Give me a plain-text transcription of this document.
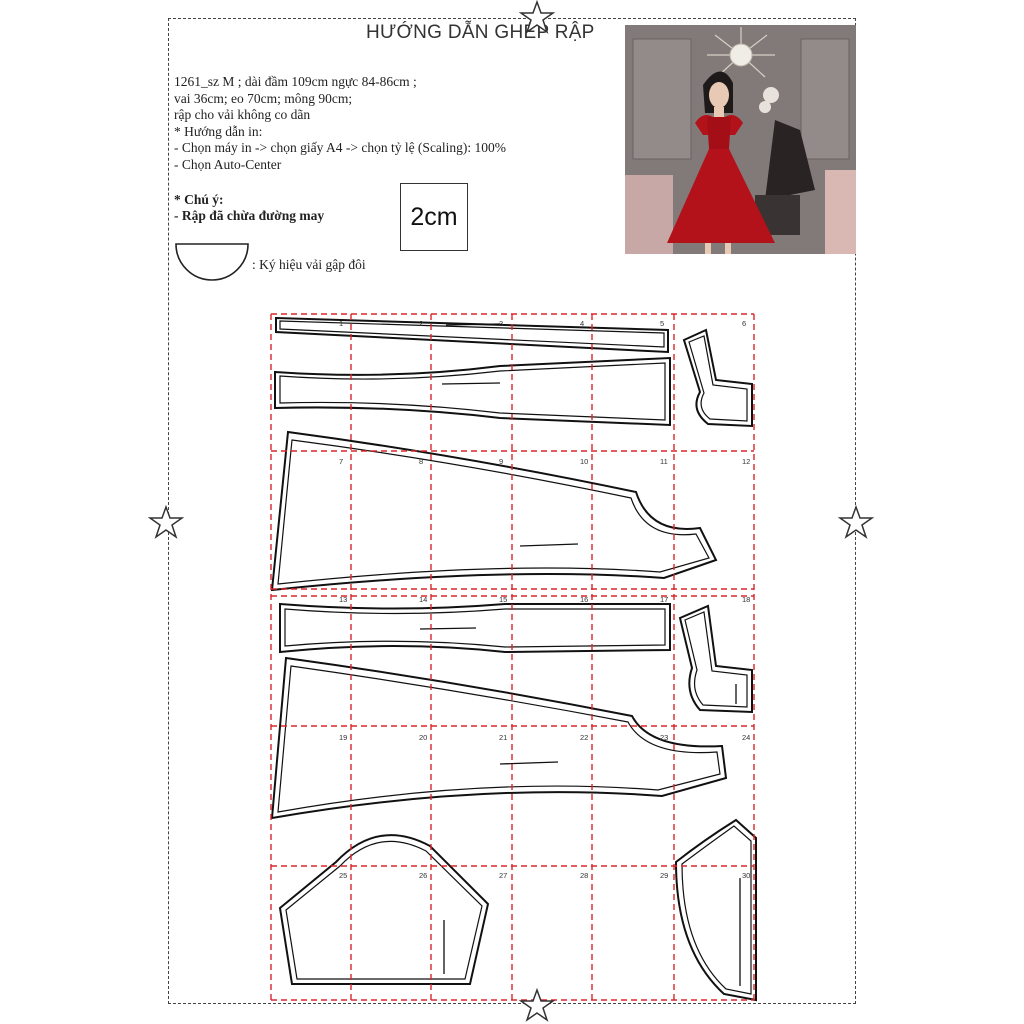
HƯỚNG DẪN GHÉP RẬP
1261_sz M ; dài đầm 109cm ngực 84-86cm ;
vai 36cm; eo 70cm; mông 90cm;
rập cho vải không co dãn
* Hướng dẫn in:
- Chọn máy in -> chọn giấy A4 -> chọn tỷ lệ (Scaling): 100%
- Chọn Auto-Center
* Chú ý:
- Rập đã chừa đường may	2cm
: Ký hiệu vải gập đôi
1	2	3	4	5	6
7	8	9	10	11	12
13	14	15	16	17	18
19	20	21	22	23	24
25	26	27	28	29	30
